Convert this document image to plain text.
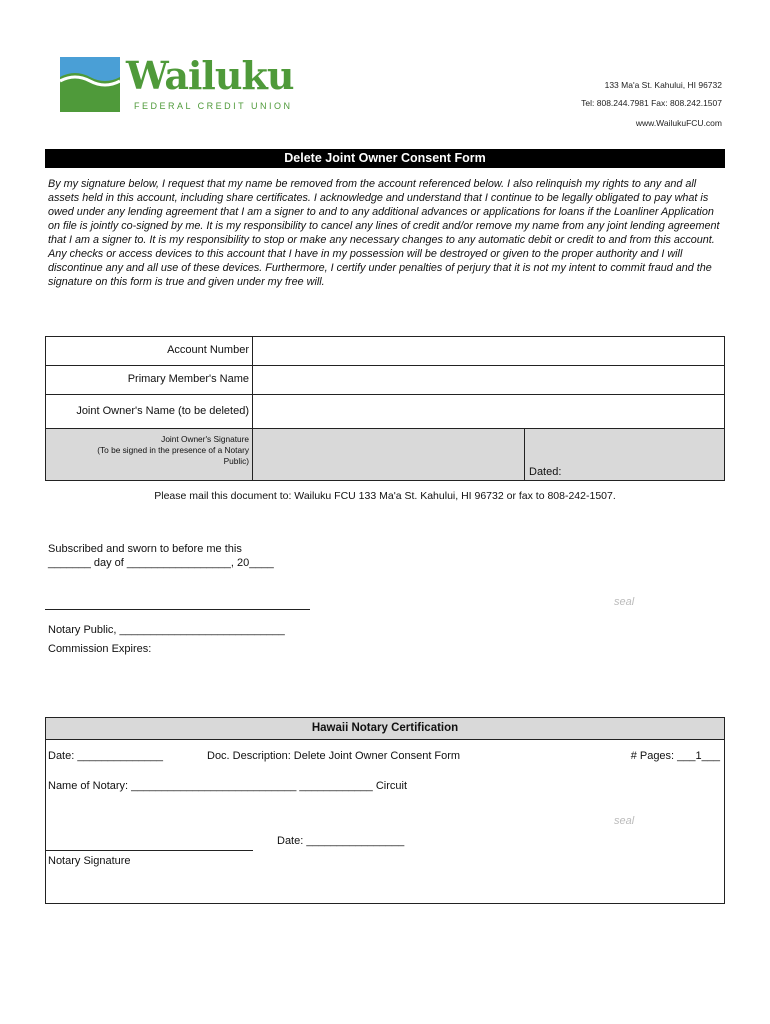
Wailuku
FEDERAL CREDIT UNION
133 Ma'a St. Kahului, HI 96732
Tel: 808.244.7981 Fax: 808.242.1507
www.WailukuFCU.com
Delete Joint Owner Consent Form
By my signature below, I request that my name be removed from the account referenced below. I also relinquish my rights to any and all assets held in this account, including share certificates. I acknowledge and understand that I continue to be legally obligated to pay what is owed under any lending agreement that I am a signer to and to any additional advances or applications for loans if the Loanliner Application on file is jointly co-signed by me. It is my responsibility to cancel any lines of credit and/or remove my name from any joint lending agreement that I am a signer to. It is my responsibility to stop or make any necessary changes to any automatic debit or credit to and from this account. Any checks or access devices to this account that I have in my possession will be destroyed or given to the proper authority and I will discontinue any and all use of these devices. Furthermore, I certify under penalties of perjury that it is not my intent to commit fraud and the signature on this form is true and given under my free will.
Account Number
Primary Member's Name
Joint Owner's Name (to be deleted)
Joint Owner's Signature
(To be signed in the presence of a Notary
Public)
Dated:
Please mail this document to: Wailuku FCU 133 Ma'a St. Kahului, HI 96732 or fax to 808-242-1507.
Subscribed and sworn to before me this
_______ day of _________________, 20____
seal
Notary Public, ___________________________
Commission Expires:
Hawaii Notary Certification
Date: ______________	Doc. Description: Delete Joint Owner Consent Form	# Pages: ___1___
Name of Notary: ___________________________ ____________ Circuit
seal
Date: ________________
Notary Signature
